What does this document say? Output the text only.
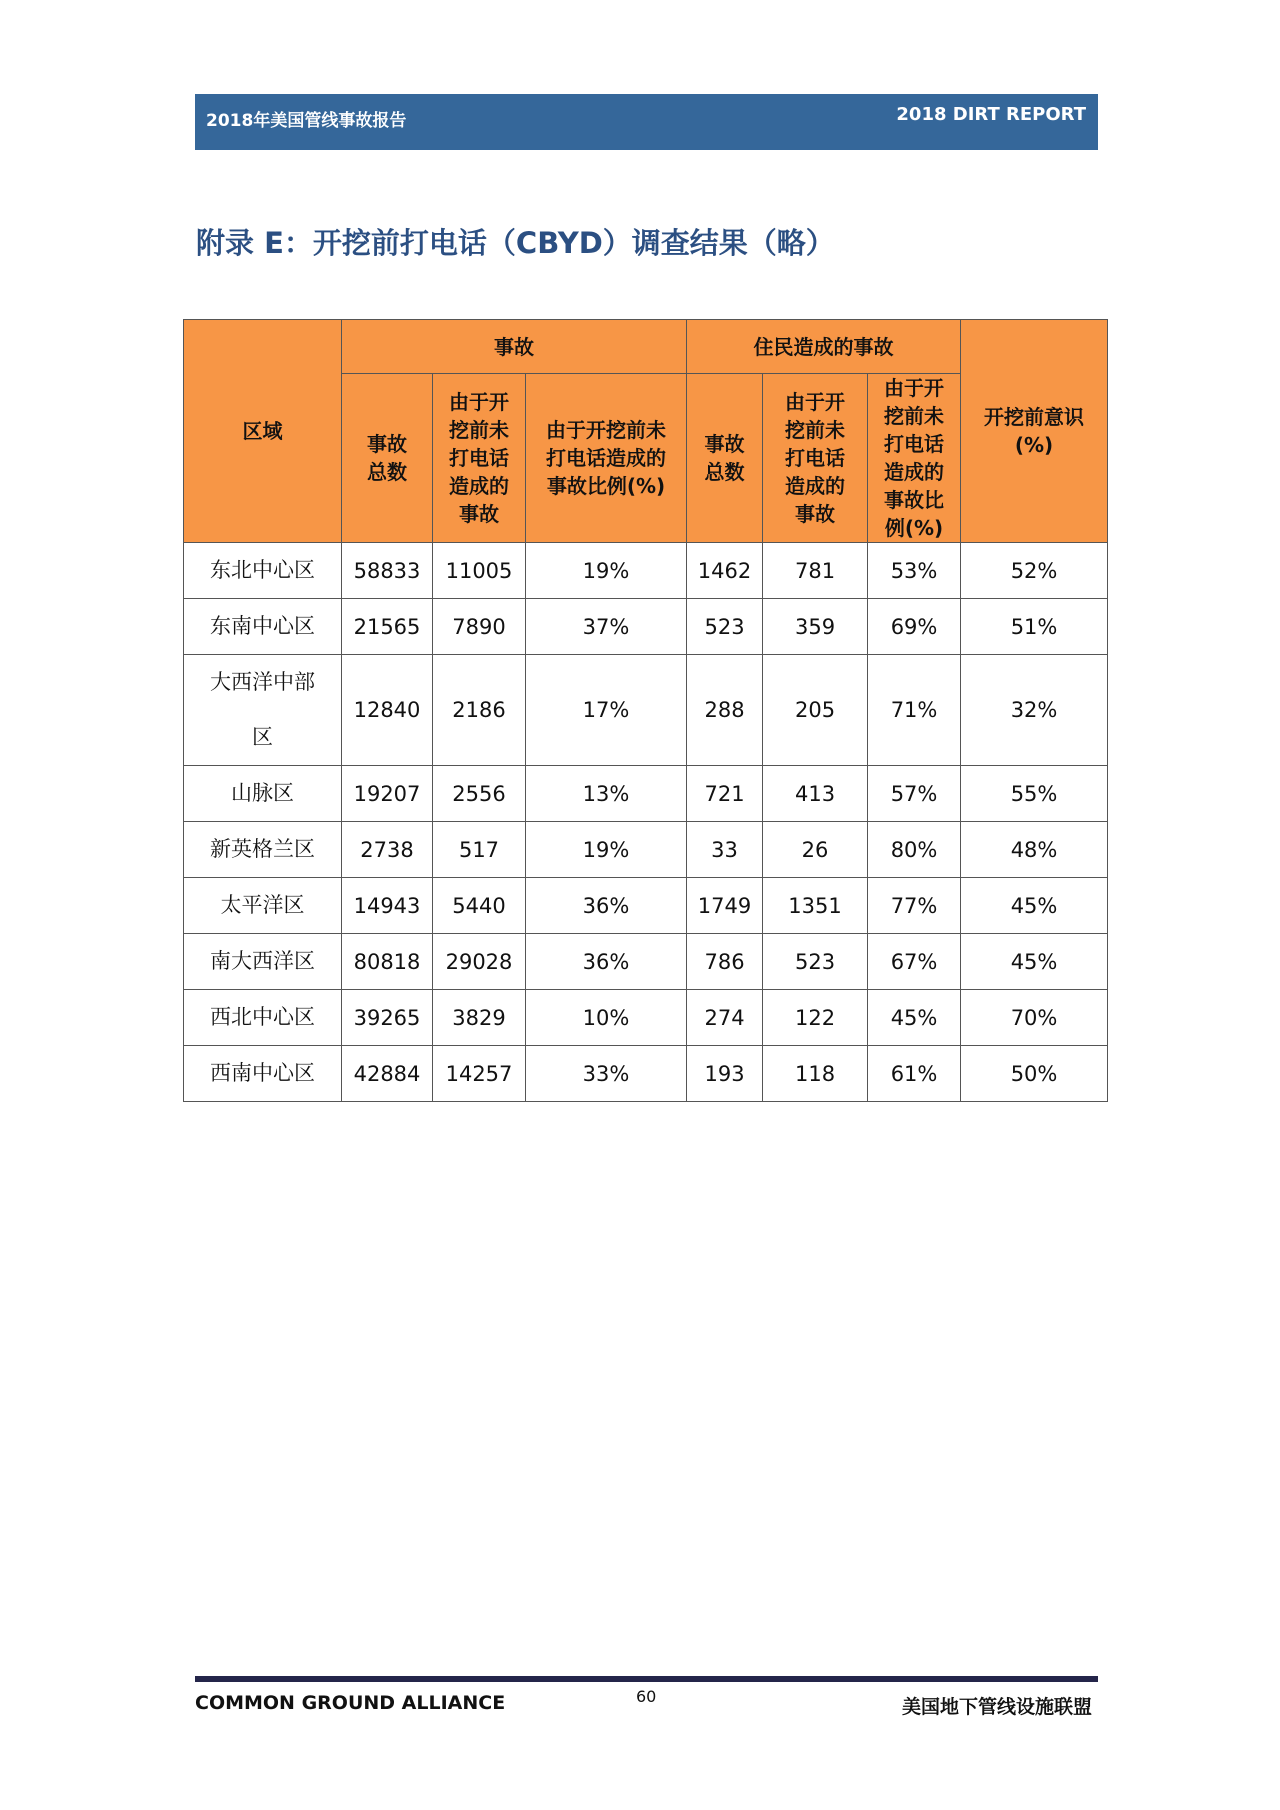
2018年美国管线事故报告	2018 DIRT REPORT
附录 E：开挖前打电话（CBYD）调查结果（略）
区域	事故			住民造成的事故			开挖前意识(%)

	事故总数	由于开挖前未打电话造成的事故	由于开挖前未打电话造成的事故比例(%)	事故总数	由于开挖前未打电话造成的事故	由于开挖前未打电话造成的事故比例(%)	

东北中心区	58833	11005	19%	1462	781	53%	52%
东南中心区	21565	7890	37%	523	359	69%	51%

大西洋中部区	12840	2186	17%	288	205	71%	32%
山脉区	19207	2556	13%	721	413	57%	55%
新英格兰区	2738	517	19%	33	26	80%	48%
太平洋区	14943	5440	36%	1749	1351	77%	45%
南大西洋区	80818	29028	36%	786	523	67%	45%
西北中心区	39265	3829	10%	274	122	45%	70%
西南中心区	42884	14257	33%	193	118	61%	50%
COMMON GROUND ALLIANCE	60	美国地下管线设施联盟
